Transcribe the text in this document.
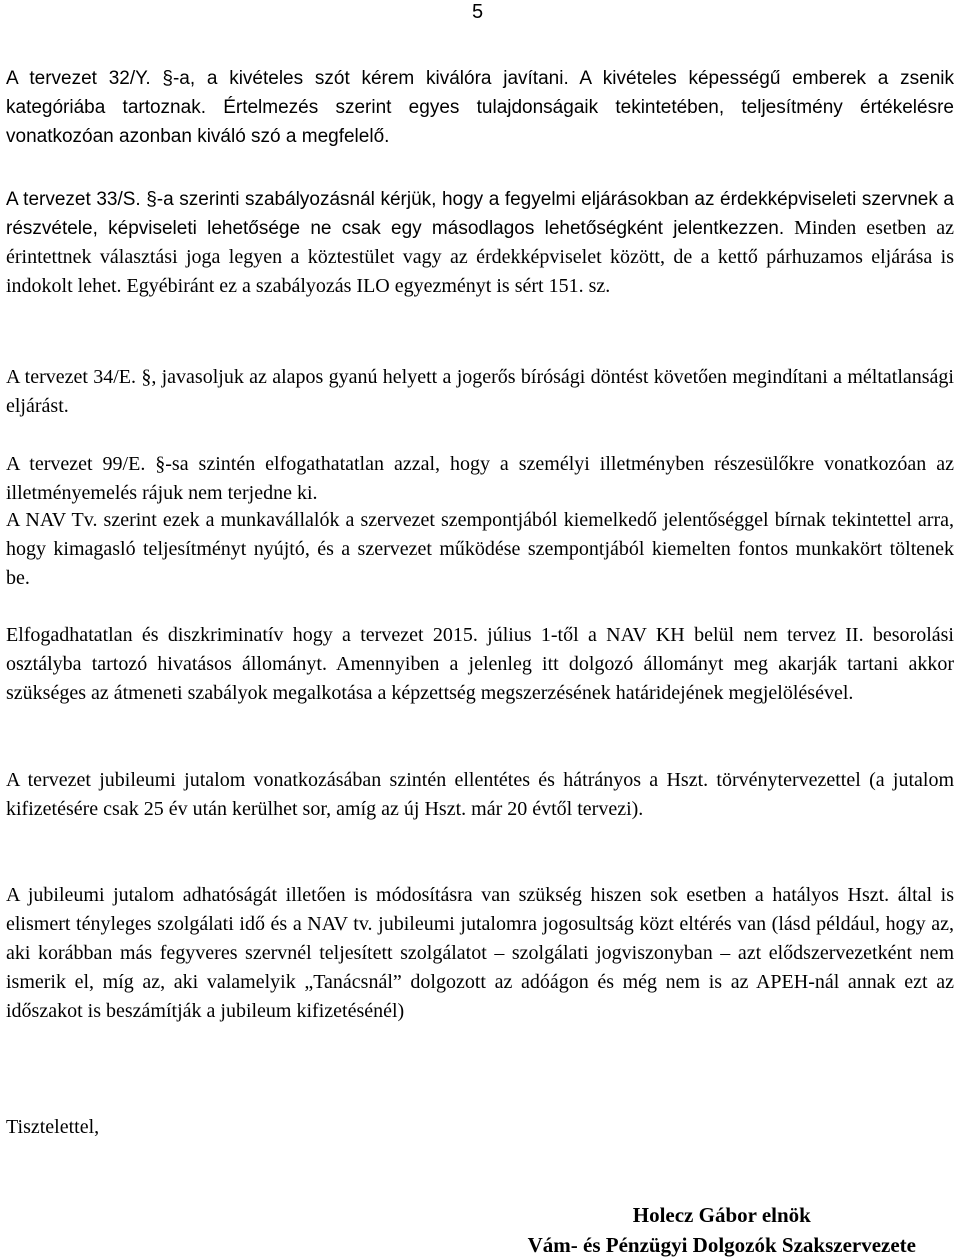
5

A tervezet 32/Y. §-a, a kivételes szót kérem kiválóra javítani. A kivételes képességű emberek a zsenik kategóriába tartoznak. Értelmezés szerint egyes tulajdonságaik tekintetében, teljesítmény értékelésre vonatkozóan azonban kiváló szó a megfelelő.

A tervezet 33/S. §-a szerinti szabályozásnál kérjük, hogy a fegyelmi eljárásokban az érdekképviseleti szervnek a részvétele, képviseleti lehetősége ne csak egy másodlagos lehetőségként jelentkezzen. Minden esetben az érintettnek választási joga legyen a köztestület vagy az érdekképviselet között, de a kettő párhuzamos eljárása is indokolt lehet. Egyébiránt ez a szabályozás ILO egyezményt is sért 151. sz.

A tervezet 34/E. §, javasoljuk az alapos gyanú helyett a jogerős bírósági döntést követően megindítani a méltatlansági eljárást.

A tervezet 99/E. §-sa szintén elfogathatatlan azzal, hogy a személyi illetményben részesülőkre vonatkozóan az illetményemelés rájuk nem terjedne ki.

A NAV Tv. szerint ezek a munkavállalók a szervezet szempontjából kiemelkedő jelentőséggel bírnak tekintettel arra, hogy kimagasló teljesítményt nyújtó, és a szervezet működése szempontjából kiemelten fontos munkakört töltenek be.

Elfogadhatatlan és diszkriminatív hogy a tervezet 2015. július 1-től a NAV KH belül nem tervez II. besorolási osztályba tartozó hivatásos állományt. Amennyiben a jelenleg itt dolgozó állományt meg akarják tartani akkor szükséges az átmeneti szabályok megalkotása a képzettség megszerzésének határidejének megjelölésével.

A tervezet jubileumi jutalom vonatkozásában szintén ellentétes és hátrányos a Hszt. törvénytervezettel (a jutalom kifizetésére csak 25 év után kerülhet sor, amíg az új Hszt. már 20 évtől tervezi).

A jubileumi jutalom adhatóságát illetően is módosításra van szükség hiszen sok esetben a hatályos Hszt. által is elismert tényleges szolgálati idő és a NAV tv. jubileumi jutalomra jogosultság közt eltérés van (lásd például, hogy az, aki korábban más fegyveres szervnél teljesített szolgálatot – szolgálati jogviszonyban – azt elődszervezetként nem ismerik el, míg az, aki valamelyik „Tanácsnál” dolgozott az adóágon és még nem is az APEH-nál annak ezt az időszakot is beszámítják a jubileum kifizetésénél)

Tisztelettel,

Holecz Gábor elnök
Vám- és Pénzügyi Dolgozók Szakszervezete
